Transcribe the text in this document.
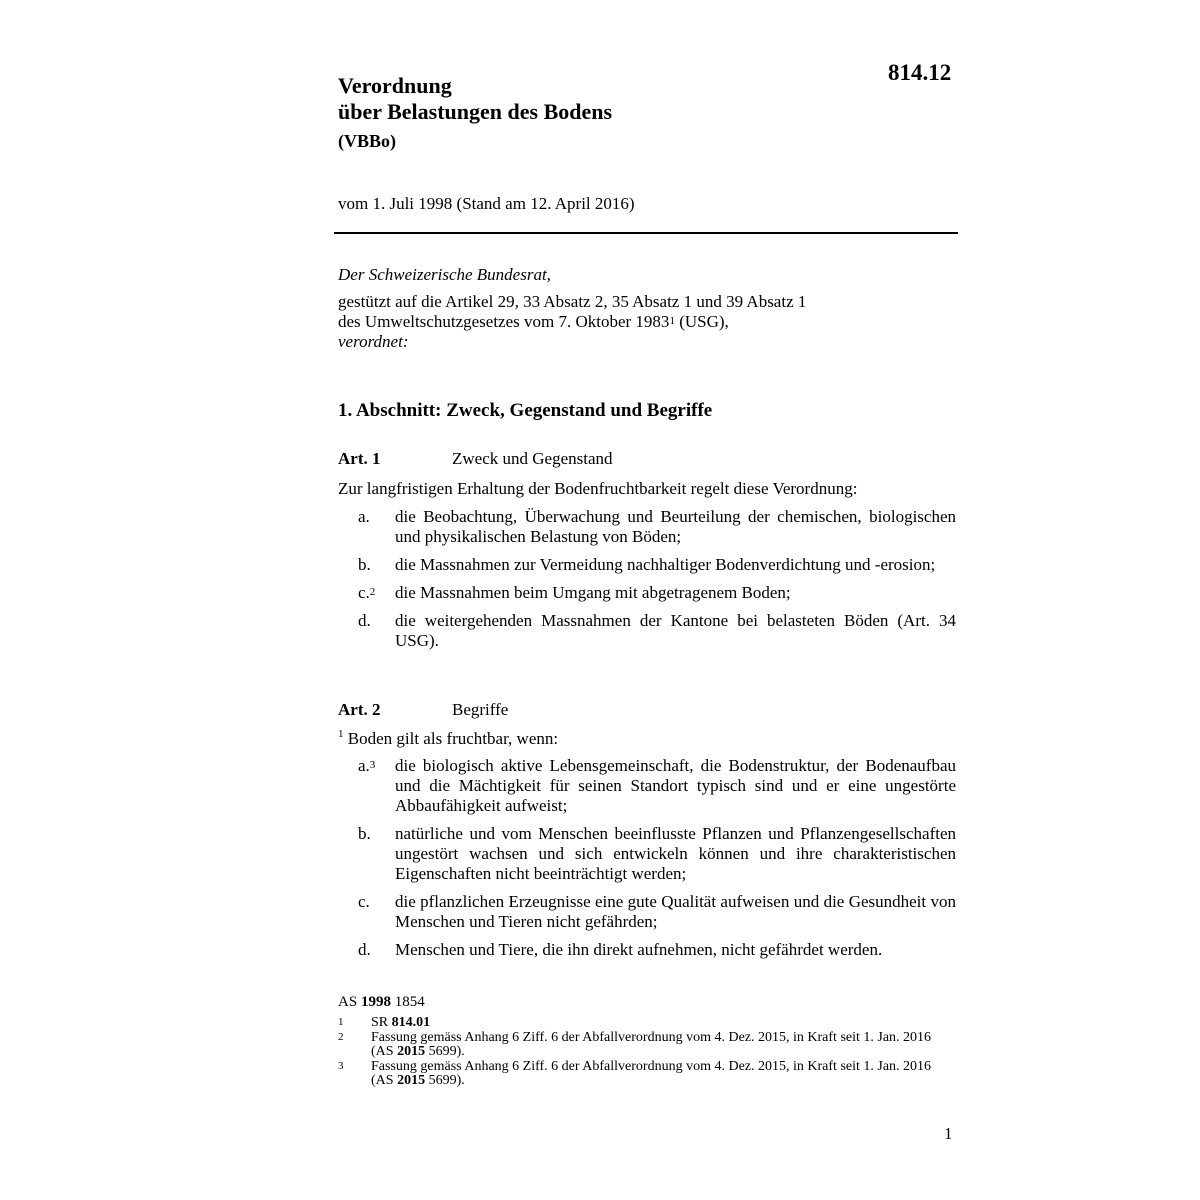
814.12
Verordnung
über Belastungen des Bodens
(VBBo)
vom 1. Juli 1998 (Stand am 12. April 2016)

Der Schweizerische Bundesrat,

gestützt auf die Artikel 29, 33 Absatz 2, 35 Absatz 1 und 39 Absatz 1

des Umweltschutzgesetzes vom 7. Oktober 1983$^1$ (USG),

verordnet:

1. Abschnitt: Zweck, Gegenstand und Begriffe
Art. 1	Zweck und Gegenstand
Zur langfristigen Erhaltung der Bodenfruchtbarkeit regelt diese Verordnung:
a.	die Beobachtung, Überwachung und Beurteilung der chemischen, biologischen und physikalischen Belastung von Böden;
b.	die Massnahmen zur Vermeidung nachhaltiger Bodenverdichtung und -erosion;
c.$^2$	die Massnahmen beim Umgang mit abgetragenem Boden;
d.	die weitergehenden Massnahmen der Kantone bei belasteten Böden (Art. 34 USG).
Art. 2	Begriffe
$^1$ Boden gilt als fruchtbar, wenn:
a.$^3$	die biologisch aktive Lebensgemeinschaft, die Bodenstruktur, der Bodenaufbau und die Mächtigkeit für seinen Standort typisch sind und er eine ungestörte Abbaufähigkeit aufweist;
b.	natürliche und vom Menschen beeinflusste Pflanzen und Pflanzengesellschaften ungestört wachsen und sich entwickeln können und ihre charakteristischen Eigenschaften nicht beeinträchtigt werden;
c.	die pflanzlichen Erzeugnisse eine gute Qualität aufweisen und die Gesundheit von Menschen und Tieren nicht gefährden;
d.	Menschen und Tiere, die ihn direkt aufnehmen, nicht gefährdet werden.
AS 1998 1854
1	SR 814.01
2	Fassung gemäss Anhang 6 Ziff. 6 der Abfallverordnung vom 4. Dez. 2015, in Kraft seit 1. Jan. 2016 (AS 2015 5699).
3	Fassung gemäss Anhang 6 Ziff. 6 der Abfallverordnung vom 4. Dez. 2015, in Kraft seit 1. Jan. 2016 (AS 2015 5699).
1
